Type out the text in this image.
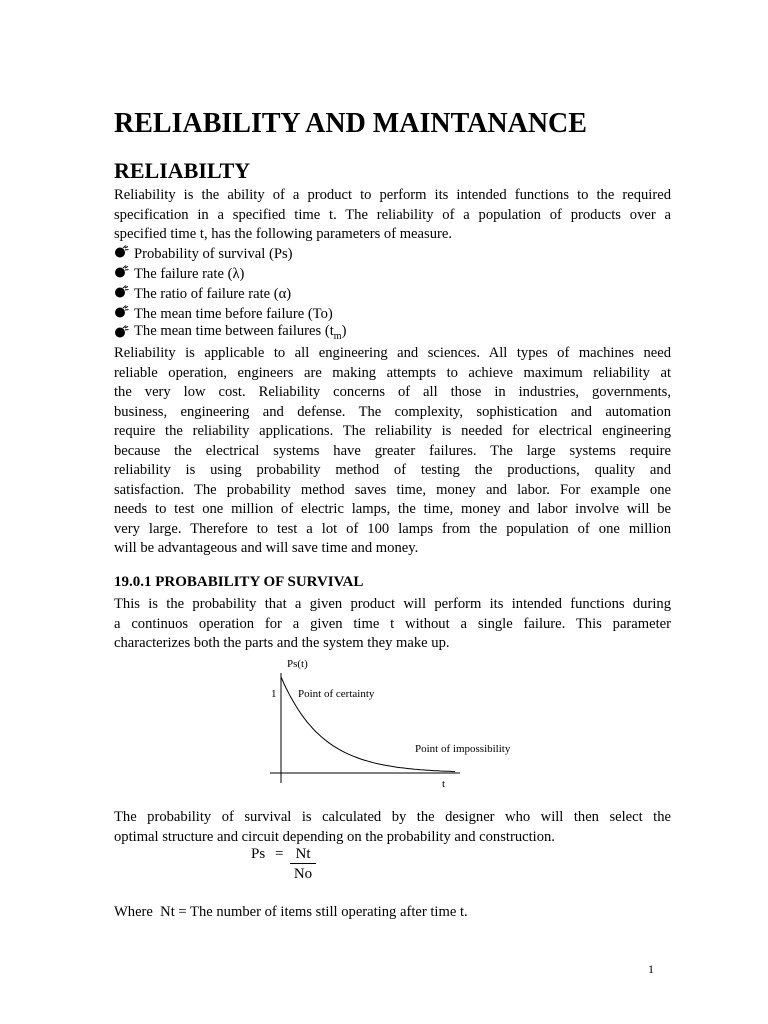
RELIABILITY AND MAINTANANCE
RELIABILTY
Reliability is the ability of a product to perform its intended functions to the required
specification in a specified time t. The reliability of a population of products over a
specified time t, has the following parameters of measure.
Probability of survival (Ps)
The failure rate (λ)
The ratio of failure rate (α)
The mean time before failure (To)
The mean time between failures $(t_m)$
Reliability is applicable to all engineering and sciences. All types of machines need
reliable operation, engineers are making attempts to achieve maximum reliability at
the very low cost. Reliability concerns of all those in industries, governments,
business, engineering and defense. The complexity, sophistication and automation
require the reliability applications. The reliability is needed for electrical engineering
because the electrical systems have greater failures. The large systems require
reliability is using probability method of testing the productions, quality and
satisfaction. The probability method saves time, money and labor. For example one
needs to test one million of electric lamps, the time, money and labor involve will be
very large. Therefore to test a lot of 100 lamps from the population of one million
will be advantageous and will save time and money.
19.0.1 PROBABILITY OF SURVIVAL
This is the probability that a given product will perform its intended functions during
a continuos operation for a given time t without a single failure. This parameter
characterizes both the parts and the system they make up.
Ps(t)
1 Point of certainty
Point of impossibility
t
The probability of survival is calculated by the designer who will then select the
optimal structure and circuit depending on the probability and construction.
Ps = Nt
No
Where  Nt = The number of items still operating after time t.
1
